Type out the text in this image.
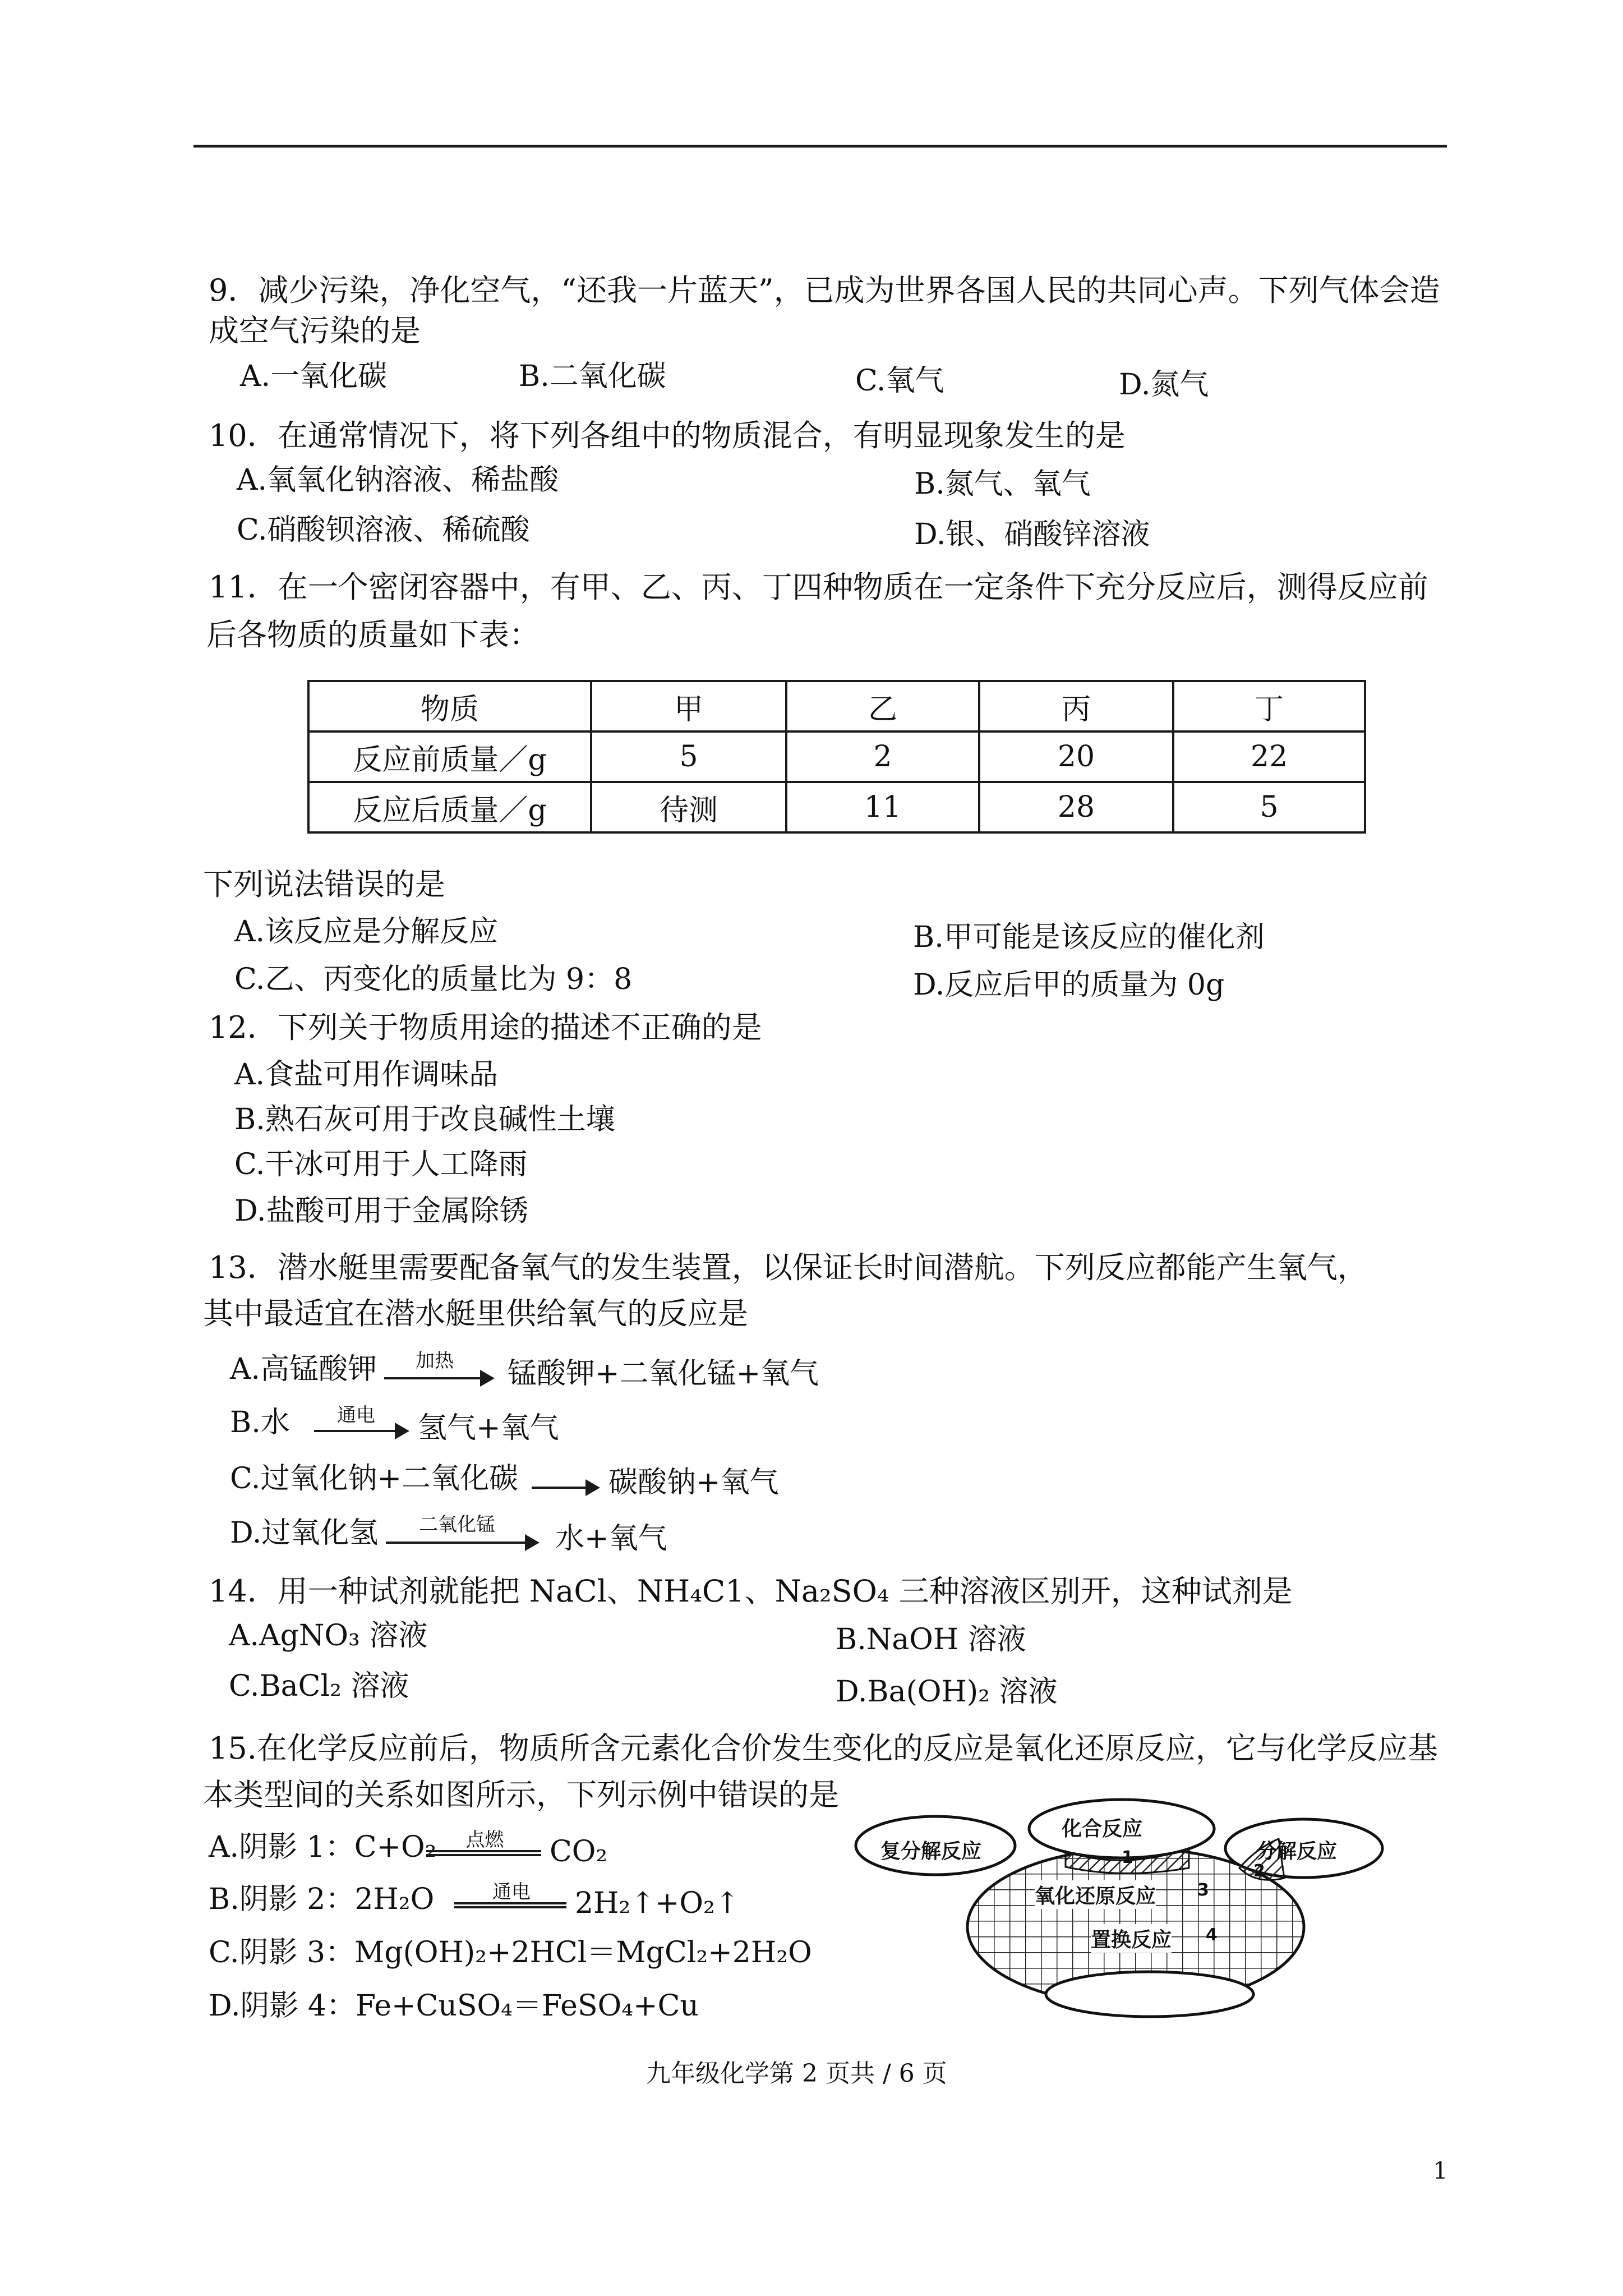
9．减少污染，净化空气，“还我一片蓝天”，已成为世界各国人民的共同心声。下列气体会造
成空气污染的是
A.一氧化碳	B.二氧化碳	C.氧气	D.氮气
10．在通常情况下，将下列各组中的物质混合，有明显现象发生的是
A.氧氧化钠溶液、稀盐酸	B.氮气、氧气
C.硝酸钡溶液、稀硫酸	D.银、硝酸锌溶液
11．在一个密闭容器中，有甲、乙、丙、丁四种物质在一定条件下充分反应后，测得反应前
后各物质的质量如下表：
物质	甲	乙	丙	丁
反应前质量／g	5	2	20	22
反应后质量／g	待测	11	28	5
下列说法错误的是
A.该反应是分解反应	B.甲可能是该反应的催化剂
C.乙、丙变化的质量比为 9：8	D.反应后甲的质量为 0g
12．下列关于物质用途的描述不正确的是
A.食盐可用作调味品
B.熟石灰可用于改良碱性土壤
C.干冰可用于人工降雨
D.盐酸可用于金属除锈
13．潜水艇里需要配备氧气的发生装置，以保证长时间潜航。下列反应都能产生氧气，
其中最适宜在潜水艇里供给氧气的反应是
A.高锰酸钾	加热	锰酸钾+二氧化锰+氧气
B.水	通电	氢气+氧气
C.过氧化钠+二氧化碳	碳酸钠+氧气
D.过氧化氢	二氧化锰	水+氧气
14．用一种试剂就能把 NaCl、NH₄C1、Na₂SO₄ 三种溶液区别开，这种试剂是
A.AgNO₃ 溶液	B.NaOH 溶液
C.BaCl₂ 溶液	D.Ba(OH)₂ 溶液
15.在化学反应前后，物质所含元素化合价发生变化的反应是氧化还原反应，它与化学反应基
本类型间的关系如图所示，下列示例中错误的是
A.阴影 1：C+O₂	点燃	CO₂
B.阴影 2：2H₂O	通电	2H₂↑+O₂↑
C.阴影 3：Mg(OH)₂+2HCl＝MgCl₂+2H₂O
D.阴影 4：Fe+CuSO₄＝FeSO₄+Cu
化合反应
复分解反应	分解反应
氧化还原反应
置换反应
1
2
3
4
九年级化学第 2 页共 / 6 页
1
